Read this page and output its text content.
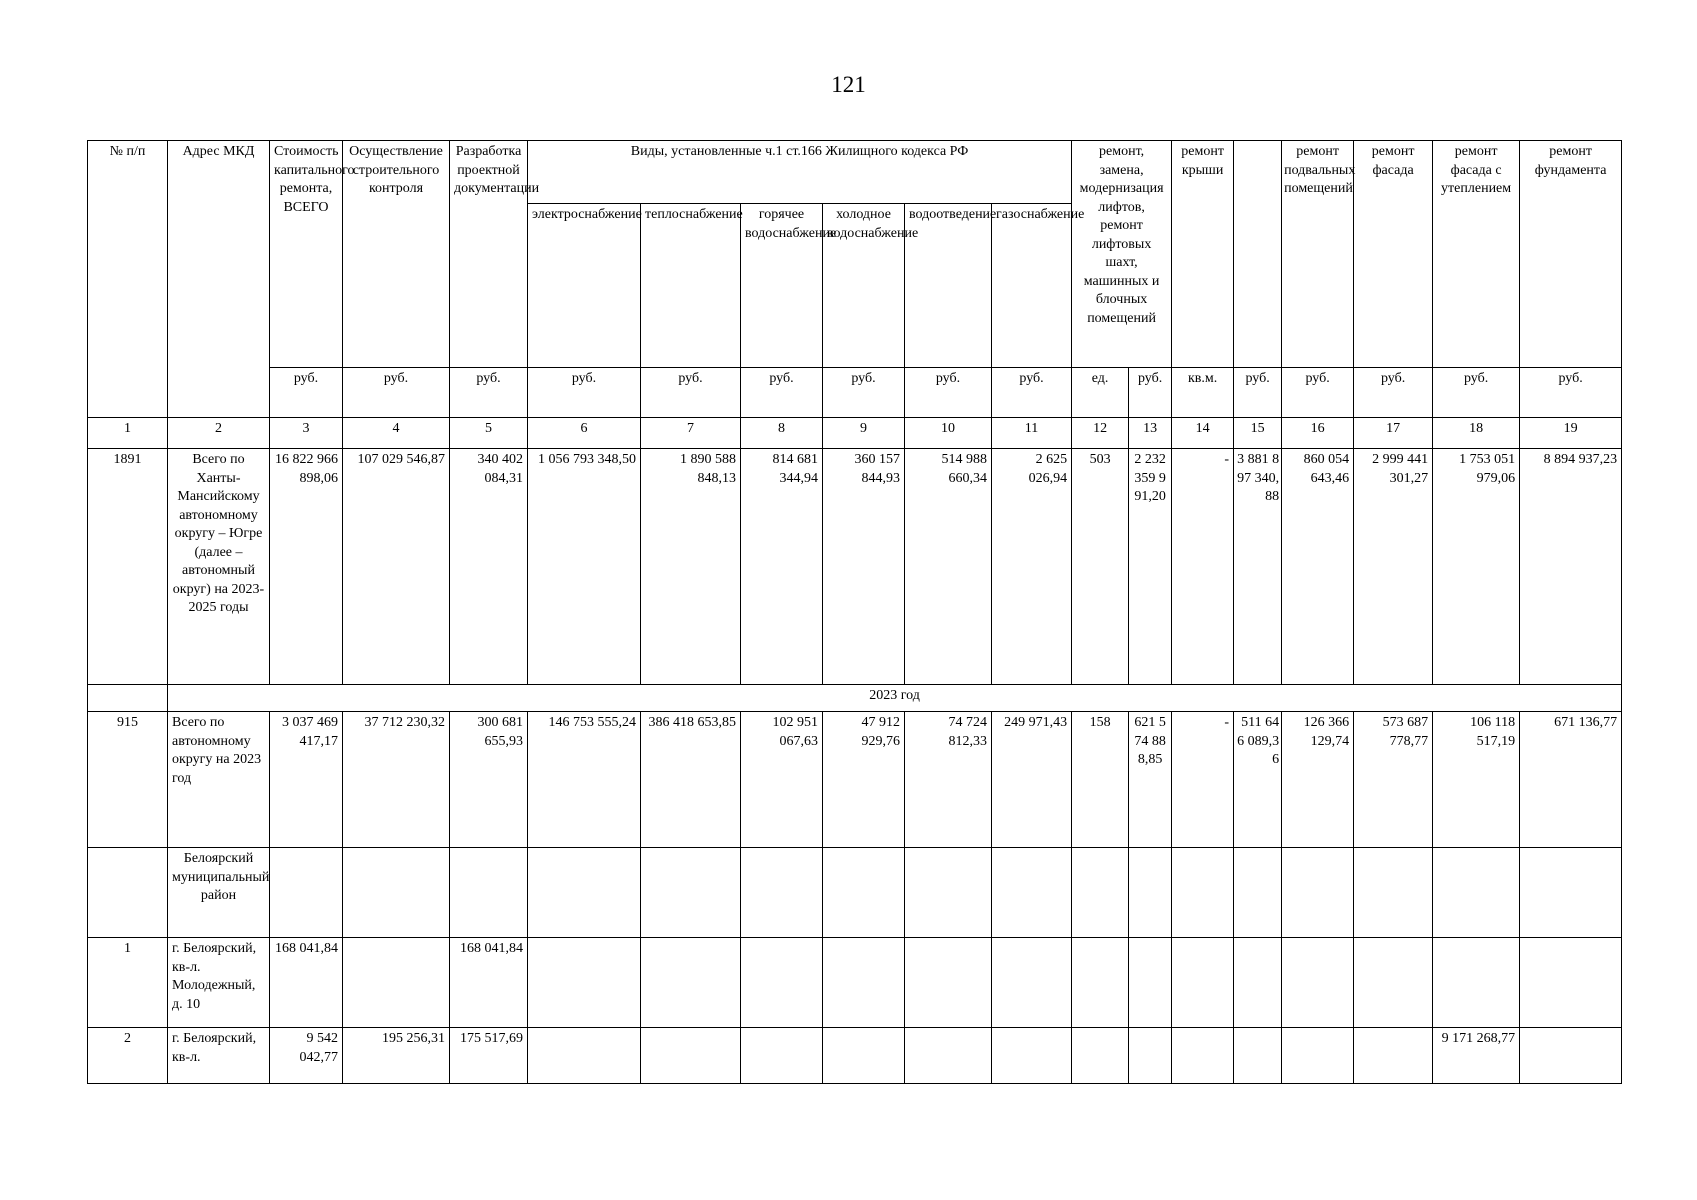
121
№ п/п	Адрес МКД	Стоимость капитального ремонта, ВСЕГО	Осуществление строительного контроля	Разработка проектной документации	Виды, установленные ч.1 ст.166 Жилищного кодекса РФ						ремонт, замена, модернизация лифтов, ремонт лифтовых шахт, машинных и блочных помещений		ремонт крыши		ремонт подвальных помещений	ремонт фасада	ремонт фасада с утеплением	ремонт фундамента
					электроснабжение	теплоснабжение	горячее водоснабжение	холодное водоснабжение	водоотведение	газоснабжение								
		руб.	руб.	руб.	руб.	руб.	руб.	руб.	руб.	руб.	ед.	руб.	кв.м.	руб.	руб.	руб.	руб.	руб.
1	2	3	4	5	6	7	8	9	10	11	12	13	14	15	16	17	18	19
1891	Всего по Ханты-Мансийскому автономному округу – Югре (далее – автономный округ) на 2023-2025 годы	16 822 966 898,06	107 029 546,87	340 402 084,31	1 056 793 348,50	1 890 588 848,13	814 681 344,94	360 157 844,93	514 988 660,34	2 625 026,94	503	2 232 359 991,20	-	3 881 897 340,88	860 054 643,46	2 999 441 301,27	1 753 051 979,06	8 894 937,23
	2023 год																	
915	Всего по автономному округу на 2023 год	3 037 469 417,17	37 712 230,32	300 681 655,93	146 753 555,24	386 418 653,85	102 951 067,63	47 912 929,76	74 724 812,33	249 971,43	158	621 574 888,85	-	511 646 089,36	126 366 129,74	573 687 778,77	106 118 517,19	671 136,77
	Белоярский муниципальный район																	
1	г. Белоярский, кв-л. Молодежный, д. 10	168 041,84		168 041,84														
2	г. Белоярский, кв-л.	9 542 042,77	195 256,31	175 517,69													9 171 268,77	
